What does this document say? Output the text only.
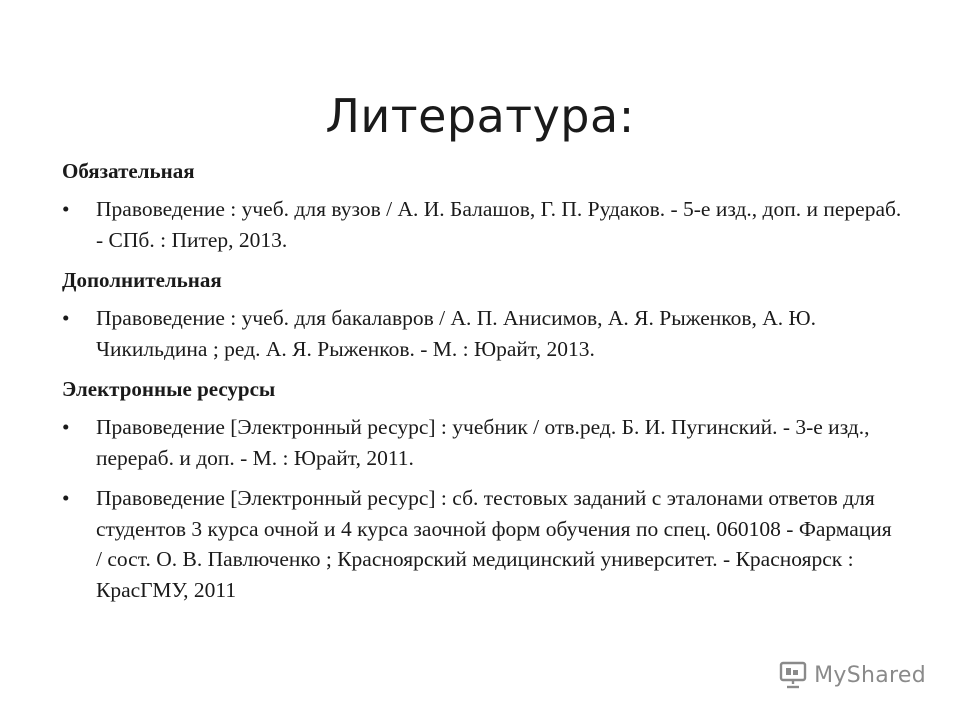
Литература:
Обязательная
• Правоведение : учеб. для вузов / А. И. Балашов, Г. П. Рудаков. - 5-е изд., доп. и перераб. - СПб. : Питер, 2013.
Дополнительная
• Правоведение : учеб. для бакалавров / А. П. Анисимов, А. Я. Рыженков, А. Ю. Чикильдина ; ред. А. Я. Рыженков. - М. : Юрайт, 2013.
Электронные ресурсы
• Правоведение [Электронный ресурс] : учебник / отв.ред. Б. И. Пугинский. - 3-е изд., перераб. и доп. - М. : Юрайт, 2011.
• Правоведение [Электронный ресурс] : сб. тестовых заданий с эталонами ответов для студентов 3 курса очной и 4 курса заочной форм обучения по спец. 060108 - Фармация / сост. О. В. Павлюченко ; Красноярский медицинский университет. - Красноярск : КрасГМУ, 2011
MyShared
